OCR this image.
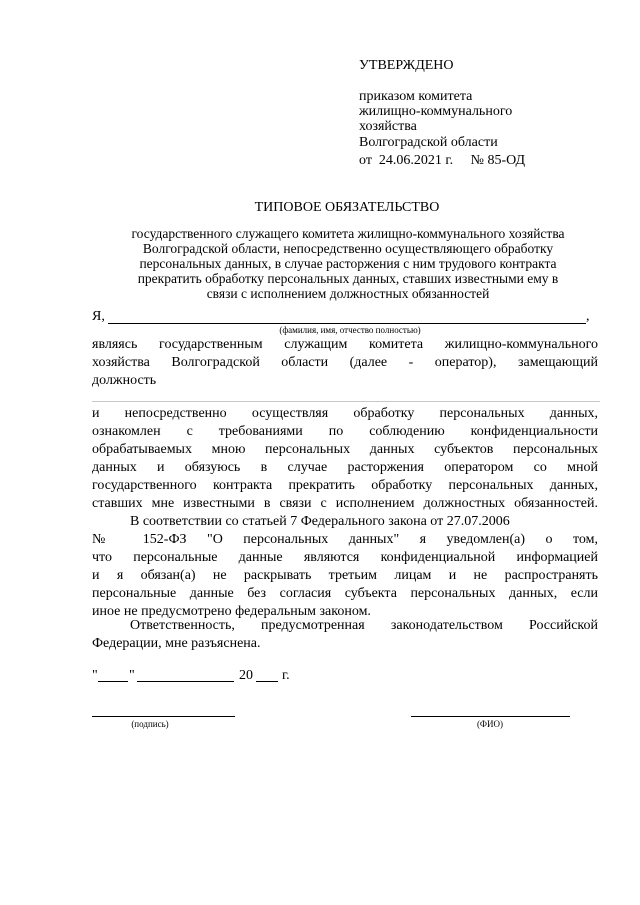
УТВЕРЖДЕНО
приказом комитета
жилищно-коммунального
хозяйства
Волгоградской области
от  24.06.2021 г.     № 85-ОД
ТИПОВОЕ ОБЯЗАТЕЛЬСТВО
государственного служащего комитета жилищно-коммунального хозяйства
Волгоградской области, непосредственно осуществляющего обработку
персональных данных, в случае расторжения с ним трудового контракта
прекратить обработку персональных данных, ставших известными ему в
связи с исполнением должностных обязанностей
Я,	,
(фамилия, имя, отчество полностью)
являясь государственным служащим комитета жилищно-коммунального
хозяйства Волгоградской области (далее - оператор), замещающий
должность
и непосредственно осуществляя обработку персональных данных,
ознакомлен с требованиями по соблюдению конфиденциальности
обрабатываемых мною персональных данных субъектов персональных
данных и обязуюсь в случае расторжения оператором со мной
государственного контракта прекратить обработку персональных данных,
ставших мне известными в связи с исполнением должностных обязанностей.
В соответствии со статьей 7 Федерального закона от 27.07.2006
№ 152-ФЗ "О персональных данных" я уведомлен(а) о том,
что персональные данные являются конфиденциальной информацией
и я обязан(а) не раскрывать третьим лицам и не распространять
персональные данные без согласия субъекта персональных данных, если
иное не предусмотрено федеральным законом.
Ответственность, предусмотренная законодательством Российской
Федерации, мне разъяснена.
" "	20 г.
(подпись)	(ФИО)
